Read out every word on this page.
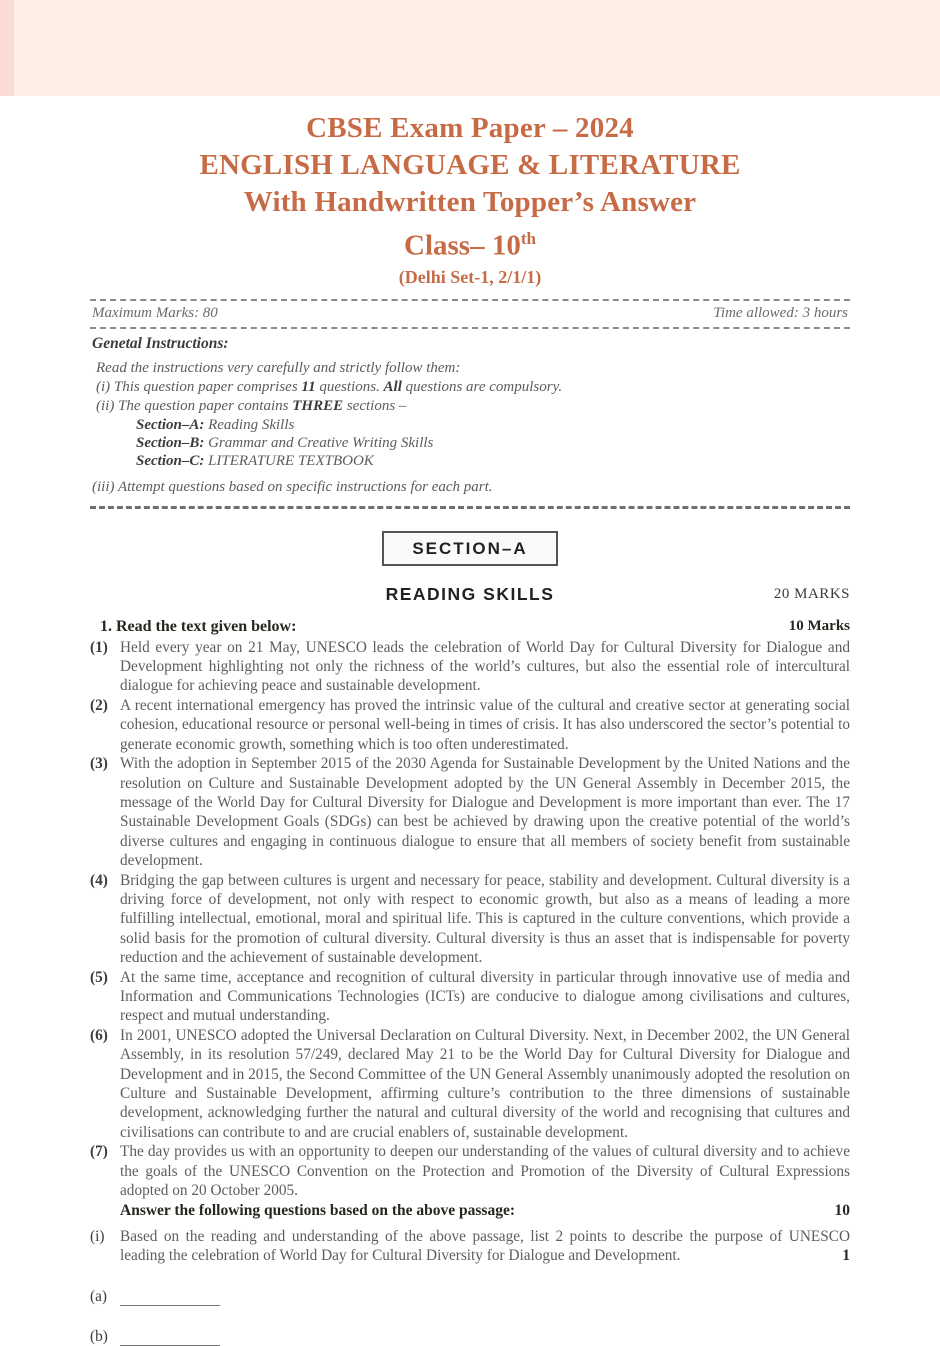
CBSE Exam Paper – 2024
ENGLISH LANGUAGE & LITERATURE
With Handwritten Topper’s Answer
Class– 10th
(Delhi Set-1, 2/1/1)
Maximum Marks: 80	Time allowed: 3 hours
Genetal Instructions:
Read the instructions very carefully and strictly follow them:
(i) This question paper comprises 11 questions. All questions are compulsory.
(ii) The question paper contains THREE sections –
Section–A: Reading Skills
Section–B: Grammar and Creative Writing Skills
Section–C: LITERATURE TEXTBOOK
(iii) Attempt questions based on specific instructions for each part.
SECTION–A
READING SKILLS	20 MARKS
1. Read the text given below:	10 Marks
(1) Held every year on 21 May, UNESCO leads the celebration of World Day for Cultural Diversity for Dialogue and Development highlighting not only the richness of the world’s cultures, but also the essential role of intercultural dialogue for achieving peace and sustainable development.
(2) A recent international emergency has proved the intrinsic value of the cultural and creative sector at generating social cohesion, educational resource or personal well-being in times of crisis. It has also underscored the sector’s potential to generate economic growth, something which is too often underestimated.
(3) With the adoption in September 2015 of the 2030 Agenda for Sustainable Development by the United Nations and the resolution on Culture and Sustainable Development adopted by the UN General Assembly in December 2015, the message of the World Day for Cultural Diversity for Dialogue and Development is more important than ever. The 17 Sustainable Development Goals (SDGs) can best be achieved by drawing upon the creative potential of the world’s diverse cultures and engaging in continuous dialogue to ensure that all members of society benefit from sustainable development.
(4) Bridging the gap between cultures is urgent and necessary for peace, stability and development. Cultural diversity is a driving force of development, not only with respect to economic growth, but also as a means of leading a more fulfilling intellectual, emotional, moral and spiritual life. This is captured in the culture conventions, which provide a solid basis for the promotion of cultural diversity. Cultural diversity is thus an asset that is indispensable for poverty reduction and the achievement of sustainable development.
(5) At the same time, acceptance and recognition of cultural diversity in particular through innovative use of media and Information and Communications Technologies (ICTs) are conducive to dialogue among civilisations and cultures, respect and mutual understanding.
(6) In 2001, UNESCO adopted the Universal Declaration on Cultural Diversity. Next, in December 2002, the UN General Assembly, in its resolution 57/249, declared May 21 to be the World Day for Cultural Diversity for Dialogue and Development and in 2015, the Second Committee of the UN General Assembly unanimously adopted the resolution on Culture and Sustainable Development, affirming culture’s contribution to the three dimensions of sustainable development, acknowledging further the natural and cultural diversity of the world and recognising that cultures and civilisations can contribute to and are crucial enablers of, sustainable development.
(7) The day provides us with an opportunity to deepen our understanding of the values of cultural diversity and to achieve the goals of the UNESCO Convention on the Protection and Promotion of the Diversity of Cultural Expressions adopted on 20 October 2005.
Answer the following questions based on the above passage:	10
(i)	Based on the reading and understanding of the above passage, list 2 points to describe the purpose of UNESCO leading the celebration of World Day for Cultural Diversity for Dialogue and Development.	1
(a)
(b)
